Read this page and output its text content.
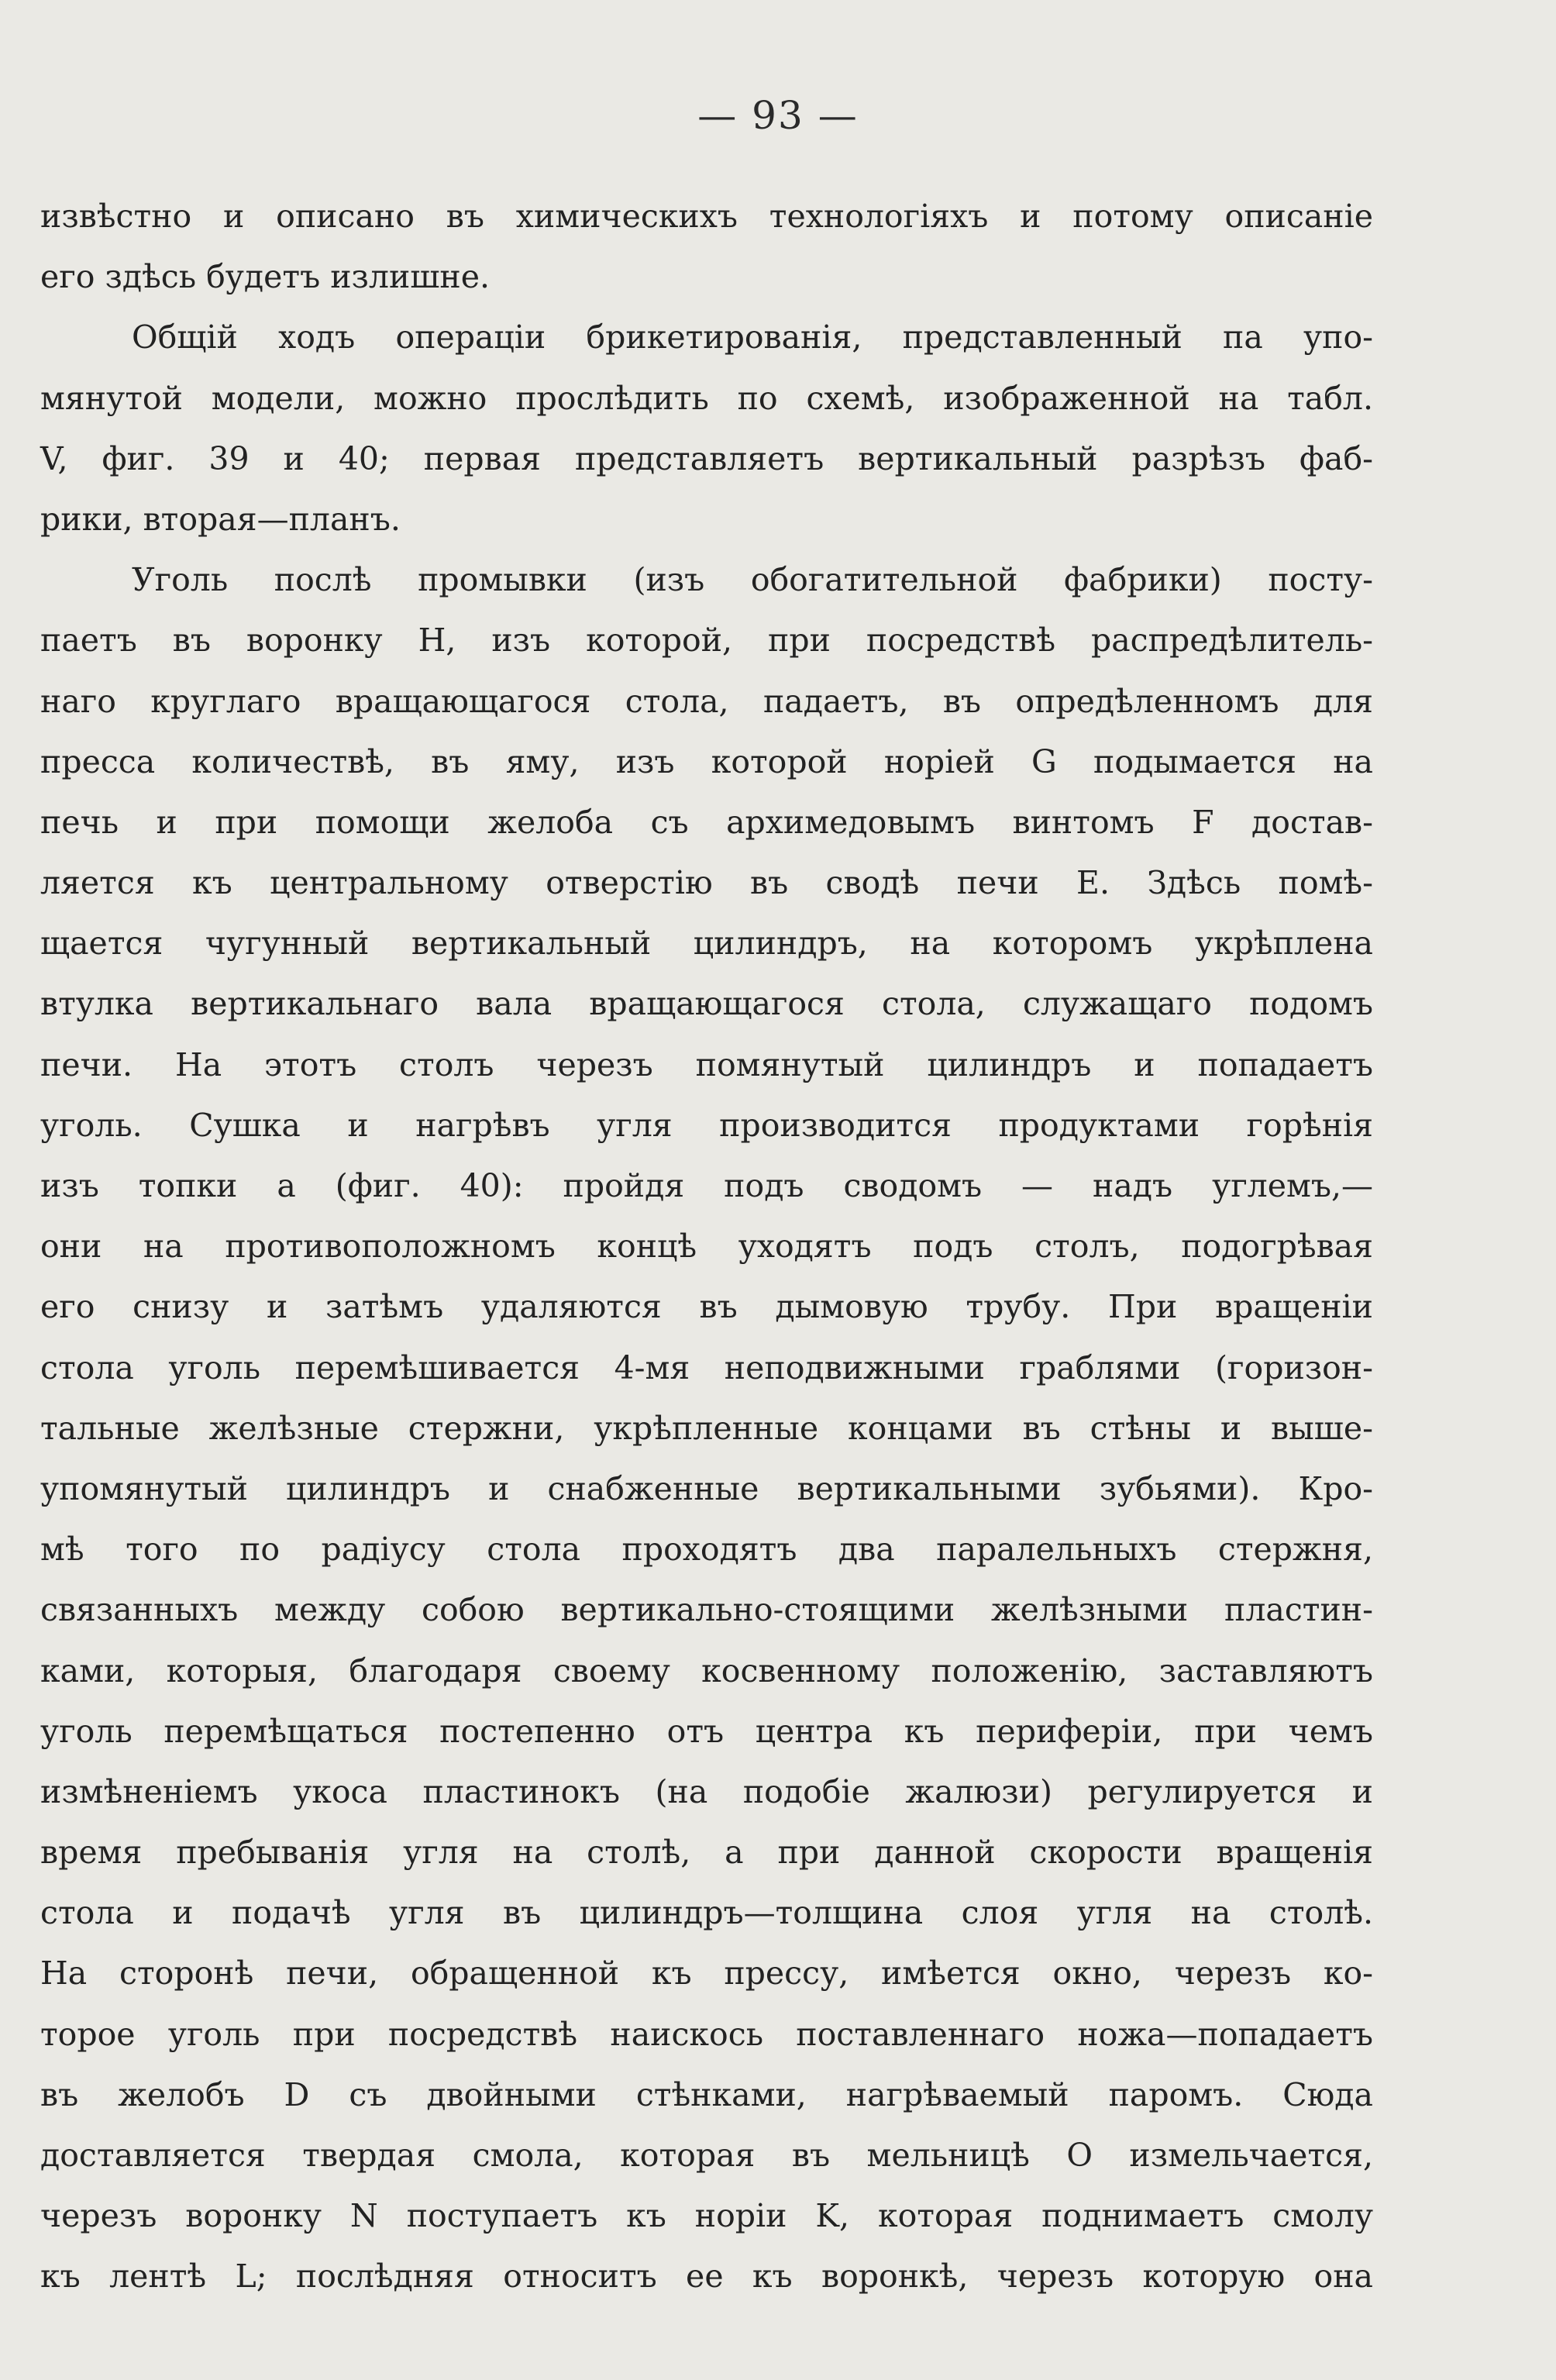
— 93 —
извѣстно и описано въ химическихъ технологіяхъ и потому описаніе
его здѣсь будетъ излишне.
Общій ходъ операціи брикетированія, представленный па упо-
мянутой модели, можно прослѣдить по схемѣ, изображенной на табл.
V, фиг. 39 и 40; первая представляетъ вертикальный разрѣзъ фаб-
рики, вторая—планъ.
Уголь послѣ промывки (изъ обогатительной фабрики) посту-
паетъ въ воронку H, изъ которой, при посредствѣ распредѣлитель-
наго круглаго вращающагося стола, падаетъ, въ опредѣленномъ для
пресса количествѣ, въ яму, изъ которой норіей G подымается на
печь и при помощи желоба съ архимедовымъ винтомъ F достав-
ляется къ центральному отверстію въ сводѣ печи E. Здѣсь помѣ-
щается чугунный вертикальный цилиндръ, на которомъ укрѣплена
втулка вертикальнаго вала вращающагося стола, служащаго подомъ
печи. На этотъ столъ черезъ помянутый цилиндръ и попадаетъ
уголь. Сушка и нагрѣвъ угля производится продуктами горѣнія
изъ топки a (фиг. 40): пройдя подъ сводомъ — надъ углемъ,—
они на противоположномъ концѣ уходятъ подъ столъ, подогрѣвая
его снизу и затѣмъ удаляются въ дымовую трубу. При вращеніи
стола уголь перемѣшивается 4-мя неподвижными граблями (горизон-
тальные желѣзные стержни, укрѣпленные концами въ стѣны и выше-
упомянутый цилиндръ и снабженные вертикальными зубьями). Кро-
мѣ того по радіусу стола проходятъ два паралельныхъ стержня,
связанныхъ между собою вертикально-стоящими желѣзными пластин-
ками, которыя, благодаря своему косвенному положенію, заставляютъ
уголь перемѣщаться постепенно отъ центра къ периферіи, при чемъ
измѣненіемъ укоса пластинокъ (на подобіе жалюзи) регулируется и
время пребыванія угля на столѣ, а при данной скорости вращенія
стола и подачѣ угля въ цилиндръ—толщина слоя угля на столѣ.
На сторонѣ печи, обращенной къ прессу, имѣется окно, черезъ ко-
торое уголь при посредствѣ наискось поставленнаго ножа—попадаетъ
въ желобъ D съ двойными стѣнками, нагрѣваемый паромъ. Сюда
доставляется твердая смола, которая въ мельницѣ O измельчается,
черезъ воронку N поступаетъ къ норіи K, которая поднимаетъ смолу
къ лентѣ L; послѣдняя относитъ ее къ воронкѣ, черезъ которую она
